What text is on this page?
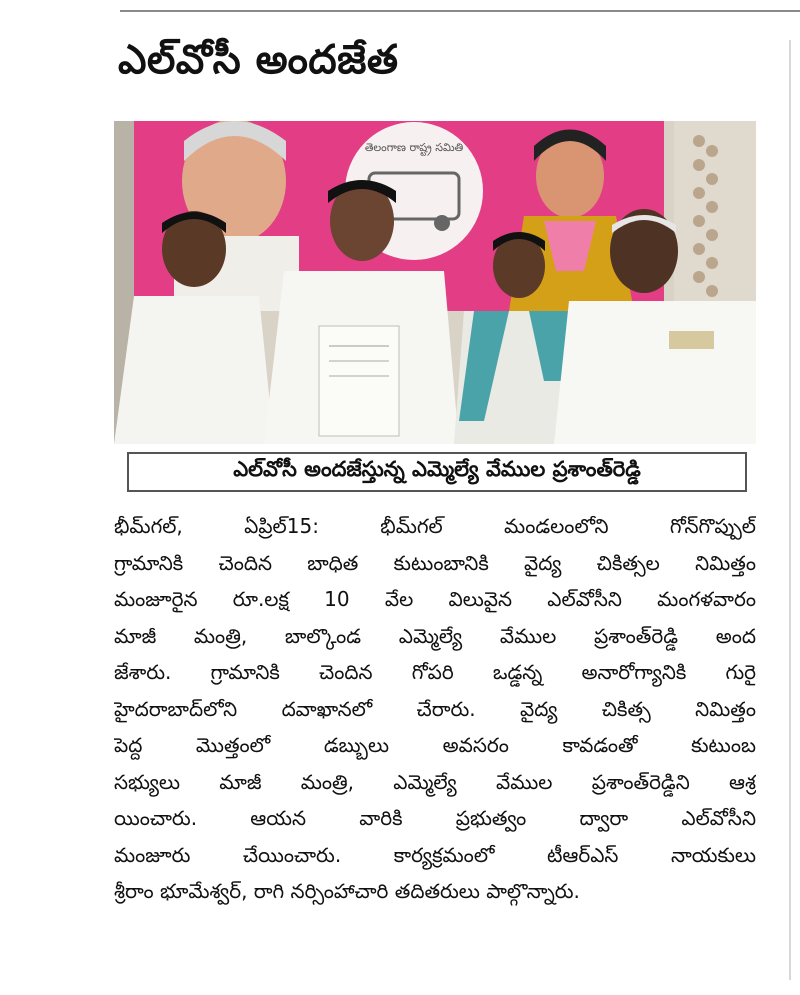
ఎల్‌వోసీ అందజేత
తెలంగాణ రాష్ట్ర సమితి
ఎల్‌వోసీ అందజేస్తున్న ఎమ్మెల్యే వేముల ప్రశాంత్‌రెడ్డి
భీమ్‌గల్‌, ఏప్రిల్‌15: భీమ్‌గల్‌ మండలంలోని గోన్‌గొప్పుల్‌
గ్రామానికి చెందిన బాధిత కుటుంబానికి వైద్య చికిత్సల నిమిత్తం
మంజూరైన రూ.లక్ష 10 వేల విలువైన ఎల్‌వోసీని మంగళవారం
మాజీ మంత్రి, బాల్కొండ ఎమ్మెల్యే వేముల ప్రశాంత్‌రెడ్డి అంద
జేశారు. గ్రామానికి చెందిన గోపరి ఒడ్డన్న అనారోగ్యానికి గురై
హైదరాబాద్‌లోని దవాఖానలో చేరారు. వైద్య చికిత్స నిమిత్తం
పెద్ద మొత్తంలో డబ్బులు అవసరం కావడంతో కుటుంబ
సభ్యులు మాజీ మంత్రి, ఎమ్మెల్యే వేముల ప్రశాంత్‌రెడ్డిని ఆశ్ర
యించారు. ఆయన వారికి ప్రభుత్వం ద్వారా ఎల్‌వోసీని
మంజూరు చేయించారు. కార్యక్రమంలో టీఆర్‌ఎస్‌ నాయకులు
శ్రీరాం భూమేశ్వర్‌, రాగి నర్సింహాచారి తదితరులు పాల్గొన్నారు.
